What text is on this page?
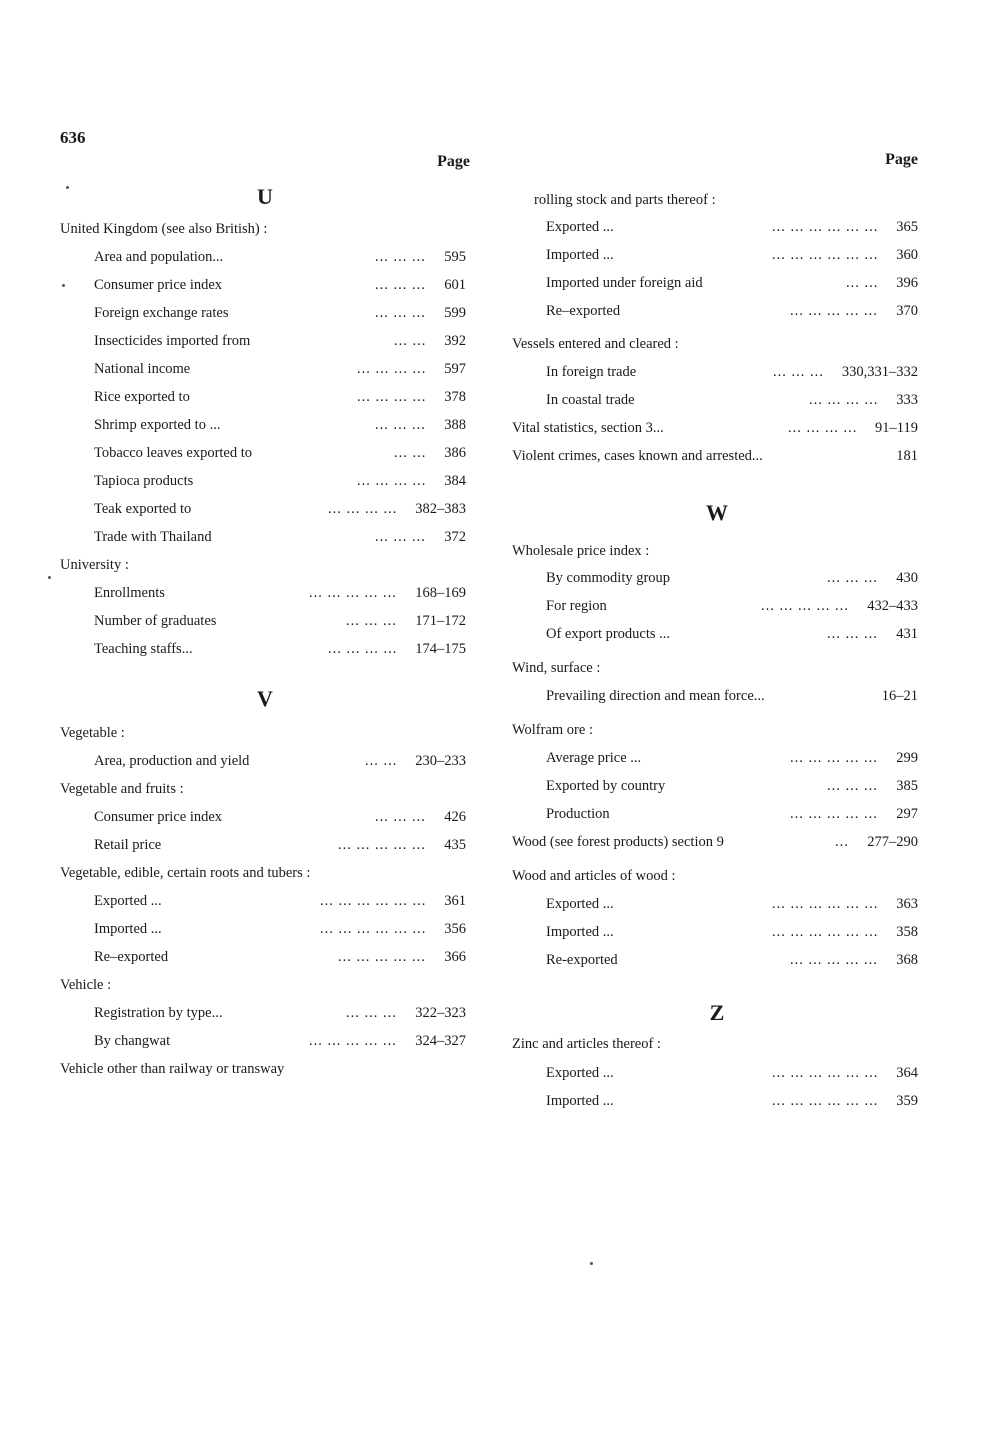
636
Page
U
United Kingdom (see also British) :
Area and population...	... ... ... 595
Consumer price index	... ... ... 601
Foreign exchange rates	... ... ... 599
Insecticides imported from	... ... 392
National income	... ... ... ... 597
Rice exported to	... ... ... ... 378
Shrimp exported to ...	... ... ... 388
Tobacco leaves exported to	... ... 386
Tapioca products	... ... ... ... 384
Teak exported to	... ... ... ... 382–383
Trade with Thailand	... ... ... 372
University :
Enrollments	... ... ... ... ... 168–169
Number of graduates	... ... ... 171–172
Teaching staffs...	... ... ... ... 174–175
V
Vegetable :
Area, production and yield	... ... 230–233
Vegetable and fruits :
Consumer price index	... ... ... 426
Retail price	... ... ... ... ... 435
Vegetable, edible, certain roots and tubers :
Exported ...	... ... ... ... ... ... 361
Imported ...	... ... ... ... ... ... 356
Re–exported	... ... ... ... ... 366
Vehicle :
Registration by type...	... ... ... 322–323
By changwat	... ... ... ... ... 324–327
Vehicle other than railway or transway
Page
rolling stock and parts thereof :
Exported ...	... ... ... ... ... ... 365
Imported ...	... ... ... ... ... ... 360
Imported under foreign aid	... ... 396
Re–exported	... ... ... ... ... 370
Vessels entered and cleared :
In foreign trade	... ... ... 330,331–332
In coastal trade	... ... ... ... 333
Vital statistics, section 3...	... ... ... ... 91–119
Violent crimes, cases known and arrested...	181
W
Wholesale price index :
By commodity group	... ... ... 430
For region	... ... ... ... ... 432–433
Of export products ...	... ... ... 431
Wind, surface :
Prevailing direction and mean force...	16–21
Wolfram ore :
Average price ...	... ... ... ... ... 299
Exported by country	... ... ... 385
Production	... ... ... ... ... 297
Wood (see forest products) section 9	... 277–290
Wood and articles of wood :
Exported ...	... ... ... ... ... ... 363
Imported ...	... ... ... ... ... ... 358
Re-exported	... ... ... ... ... 368
Z
Zinc and articles thereof :
Exported ...	... ... ... ... ... ... 364
Imported ...	... ... ... ... ... ... 359
